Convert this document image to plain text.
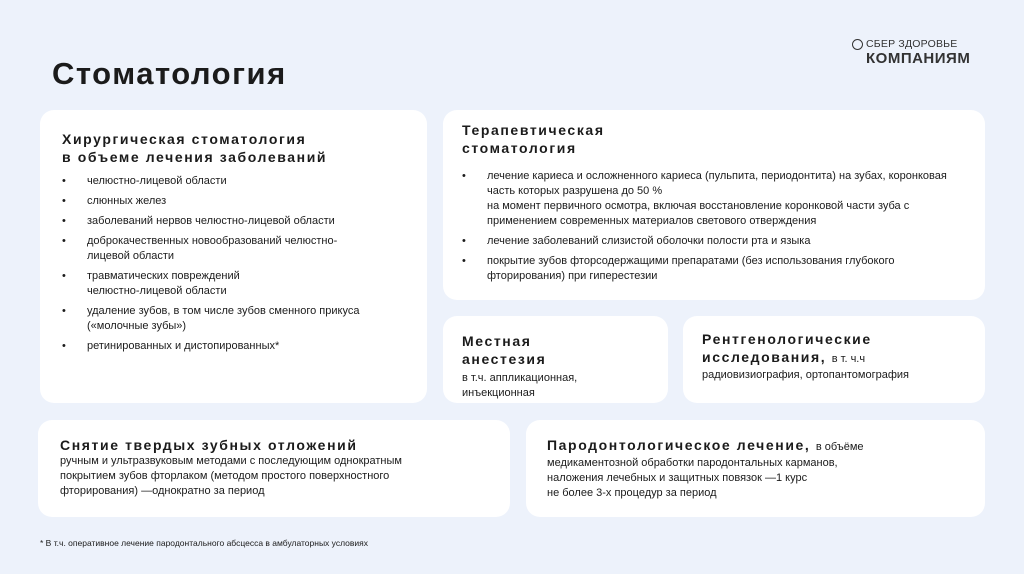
Стоматология
СБЕР ЗДОРОВЬЕ
КОМПАНИЯМ
Хирургическая стоматология
в объеме лечения заболеваний
• челюстно-лицевой области
• слюнных желез
• заболеваний нервов челюстно-лицевой области
• доброкачественных новообразований челюстно-лицевой области
• травматических повреждений челюстно-лицевой области
• удаление зубов, в том числе зубов сменного прикуса («молочные зубы»)
• ретинированных и дистопированных*
Терапевтическая
стоматология
• лечение кариеса и осложненного кариеса (пульпита, периодонтита) на зубах, коронковая часть которых разрушена до 50 %
на момент первичного осмотра, включая восстановление коронковой части зуба с применением современных материалов светового отверждения
• лечение заболеваний слизистой оболочки полости рта и языка
• покрытие зубов фторсодержащими препаратами (без использования глубокого фторирования) при гиперестезии
Местная
анестезия
в т.ч. аппликационная, инъекционная
Рентгенологические
исследования, в т. ч.ч
радиовизиография, ортопантомография
Снятие твердых зубных отложений
ручным и ультразвуковым методами с последующим однократным покрытием зубов фторлаком (методом простого поверхностного фторирования) —однократно за период
Пародонтологическое лечение, в объёме
медикаментозной обработки пародонтальных карманов,
наложения лечебных и защитных повязок —1 курс
не более 3-х процедур за период
* В т.ч. оперативное лечение пародонтального абсцесса в амбулаторных условиях
